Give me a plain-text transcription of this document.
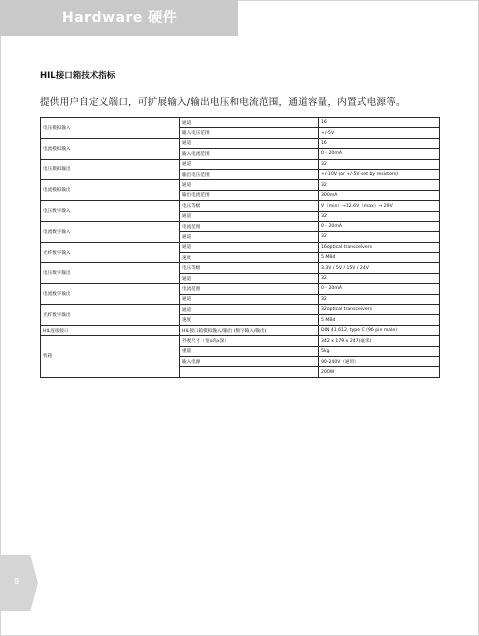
Hardware 硬件
HIL接口箱技术指标
提供用户自定义端口，可扩展输入/输出电压和电流范围，通道容量，内置式电源等。
电压模拟输入	通道	16
	输入电压范围	+/-5V
电流模拟输入	通道	16
	输入电流范围	0 - 20mA
电压模拟输出	通道	32
	输出电压范围	+/-10V (or +/-5V set by resistors)
电流模拟输出	通道	32
	输出电流范围	300mA
电压数字输入	电压等级	V（min）→12.6V（max）→ 29V
	通道	32
电流数字输入	电流范围	0 - 20mA
	通道	32
光纤数字输入	通道	16optical transceivers
	速度	5 MBd
电压数字输出	电压等级	3.3V / 5V / 15V / 24V
	通道	32
电流数字输出	电流范围	0 - 20mA
	通道	32
光纤数字输出	通道	32optical transceivers
	速度	5 MBd
HIL连接接口	HIL接口箱模拟输入/输出 (数字输入/输出)	DIN 41 612, type C (96 pin male)
机箱	外观尺寸（宽x高x深）	342 x 179 x 247(毫米)
	重量	5kg
	输入电源	90-240V（通用）
		200W
8
